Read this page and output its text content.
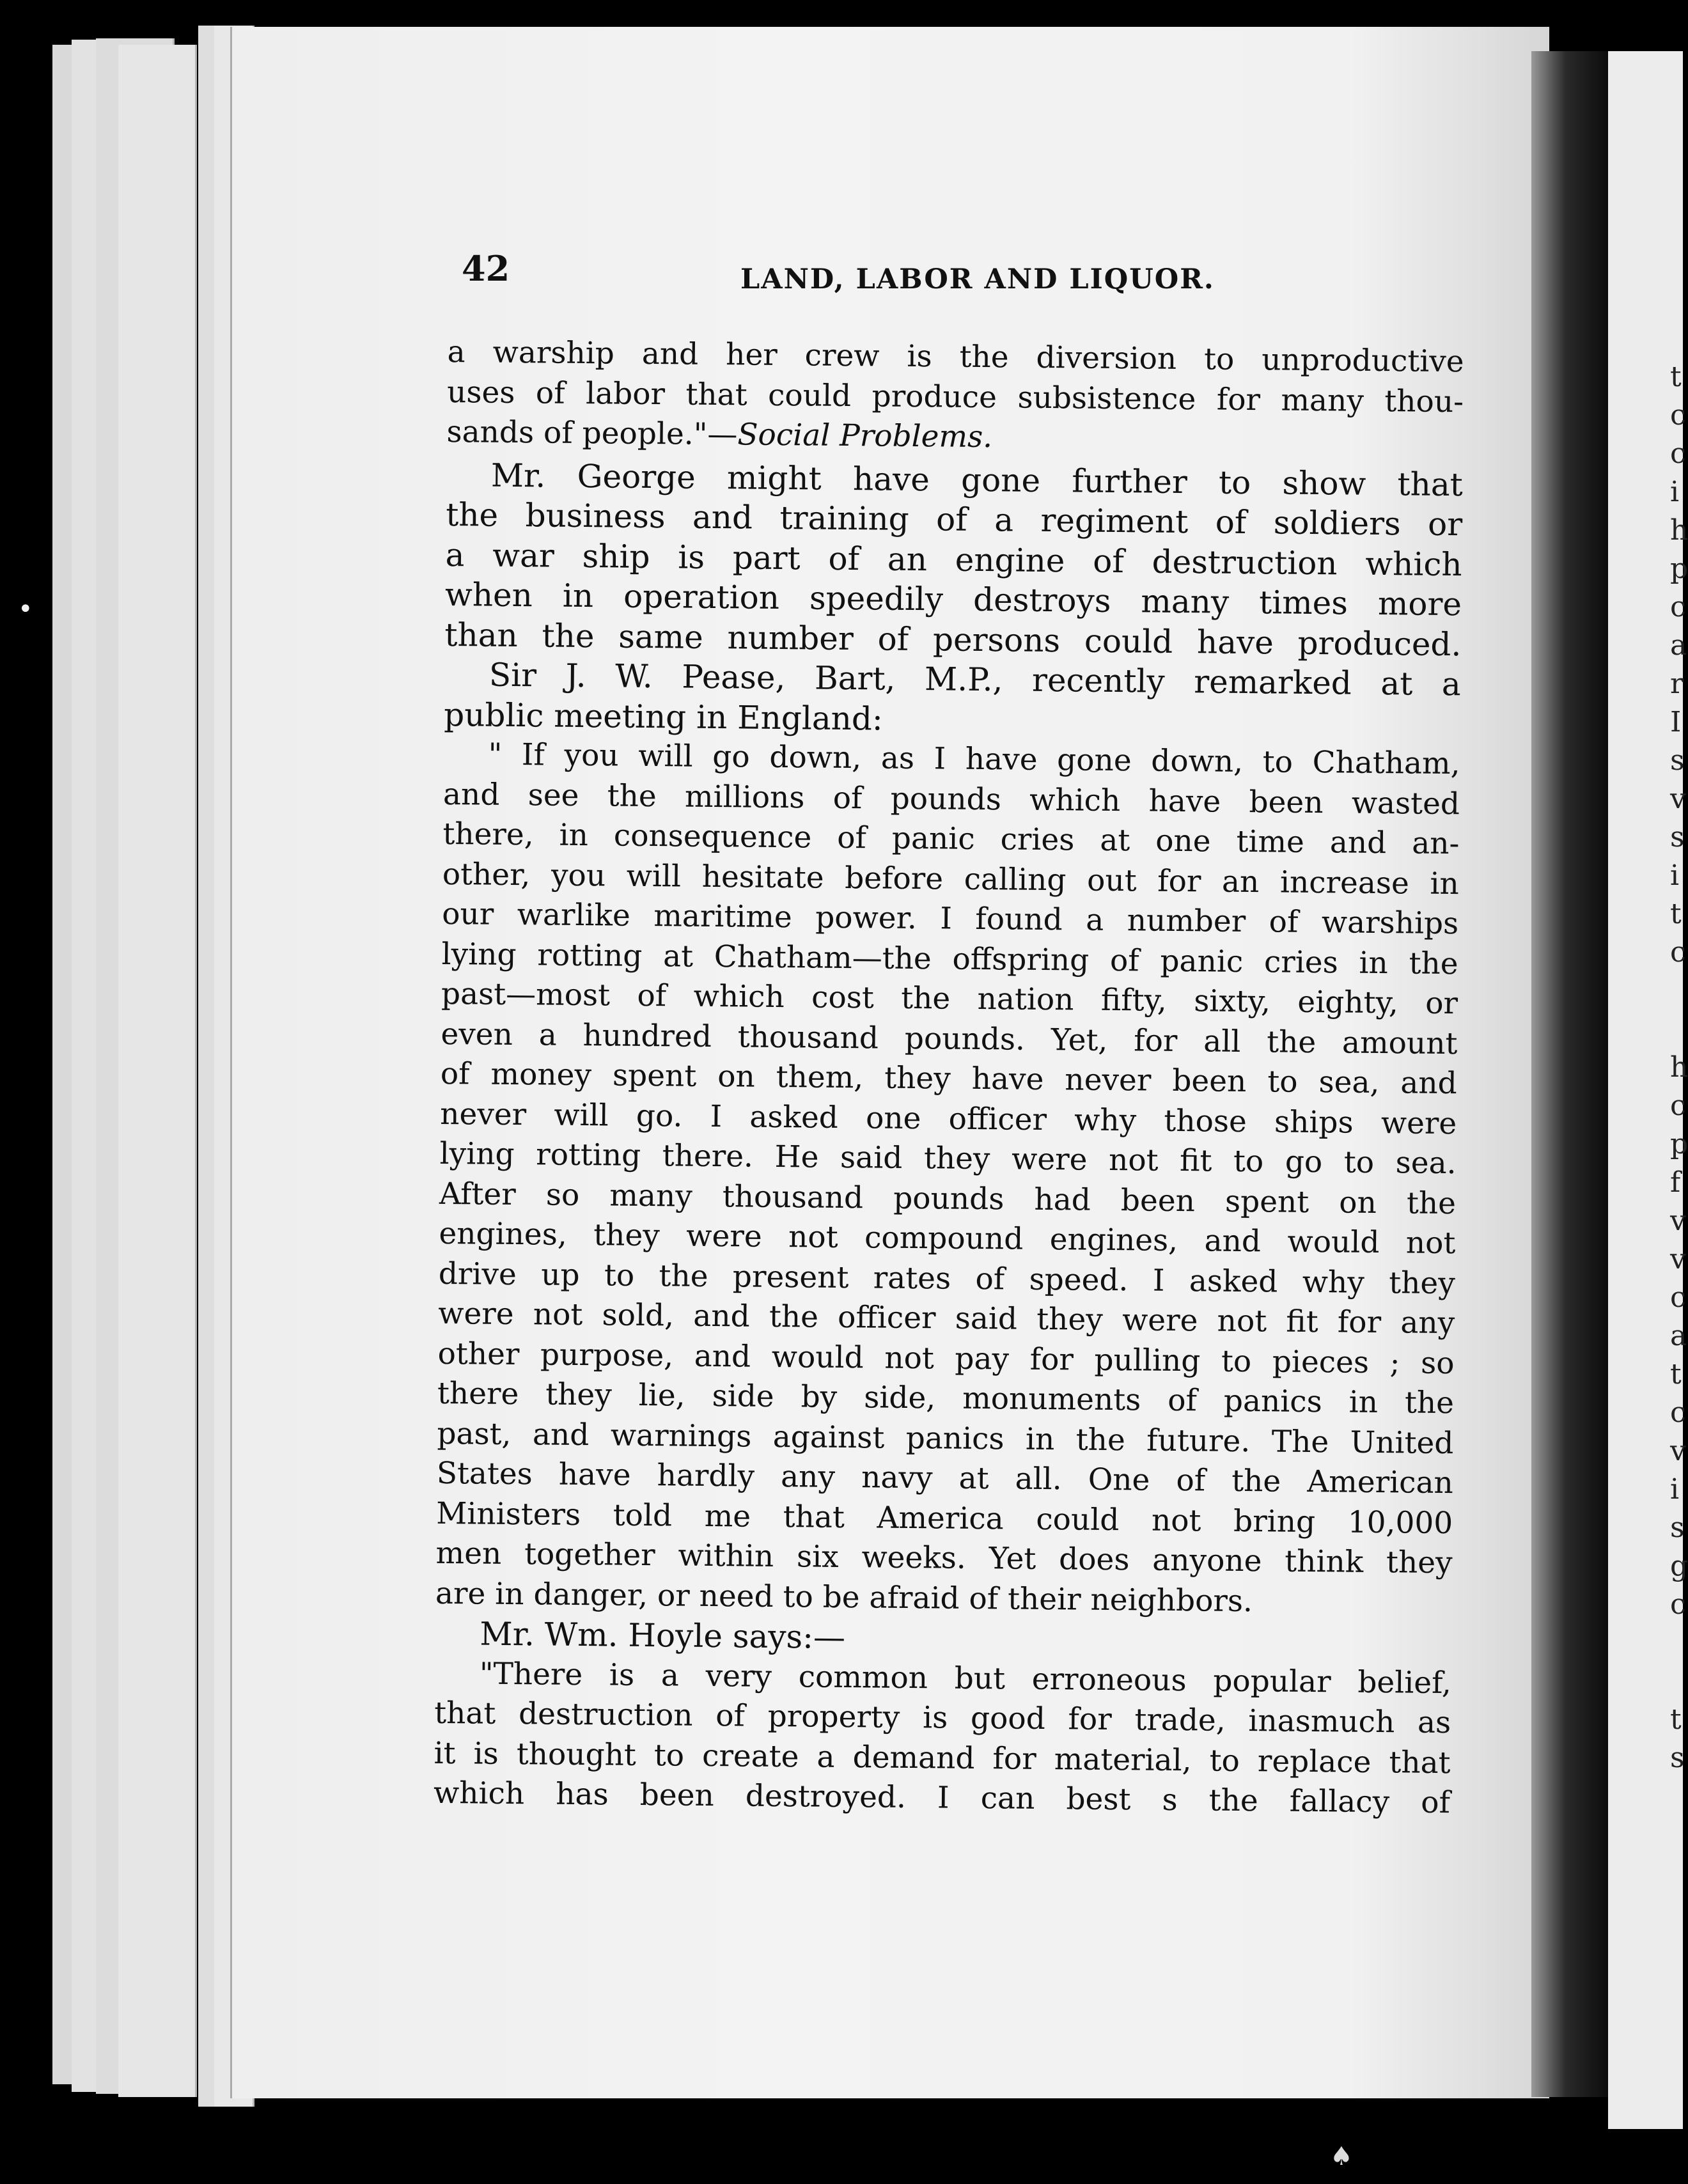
t
c
c
i
h
p
c
a
r
I
s
v
s
i
t
c

h
c
p
f
v
v
c
a
t
c
v
i
s
g
c

t
s
•
♠
42	LAND, LABOR AND LIQUOR.
a warship and her crew is the diversion to unproductive
uses of labor that could produce subsistence for many thou-
sands of people."—Social Problems.
Mr. George might have gone further to show that
the business and training of a regiment of soldiers or
a war ship is part of an engine of destruction which
when in operation speedily destroys many times more
than the same number of persons could have produced.
Sir J. W. Pease, Bart, M.P., recently remarked at a
public meeting in England:
" If you will go down, as I have gone down, to Chatham,
and see the millions of pounds which have been wasted
there, in consequence of panic cries at one time and an-
other, you will hesitate before calling out for an increase in
our warlike maritime power. I found a number of warships
lying rotting at Chatham—the offspring of panic cries in the
past—most of which cost the nation fifty, sixty, eighty, or
even a hundred thousand pounds. Yet, for all the amount
of money spent on them, they have never been to sea, and
never will go. I asked one officer why those ships were
lying rotting there. He said they were not fit to go to sea.
After so many thousand pounds had been spent on the
engines, they were not compound engines, and would not
drive up to the present rates of speed. I asked why they
were not sold, and the officer said they were not fit for any
other purpose, and would not pay for pulling to pieces ; so
there they lie, side by side, monuments of panics in the
past, and warnings against panics in the future. The United
States have hardly any navy at all. One of the American
Ministers told me that America could not bring 10,000
men together within six weeks. Yet does anyone think they
are in danger, or need to be afraid of their neighbors.
Mr. Wm. Hoyle says:—
"There is a very common but erroneous popular belief,
that destruction of property is good for trade, inasmuch as
it is thought to create a demand for material, to replace that
which has been destroyed. I can best s the fallacy of
